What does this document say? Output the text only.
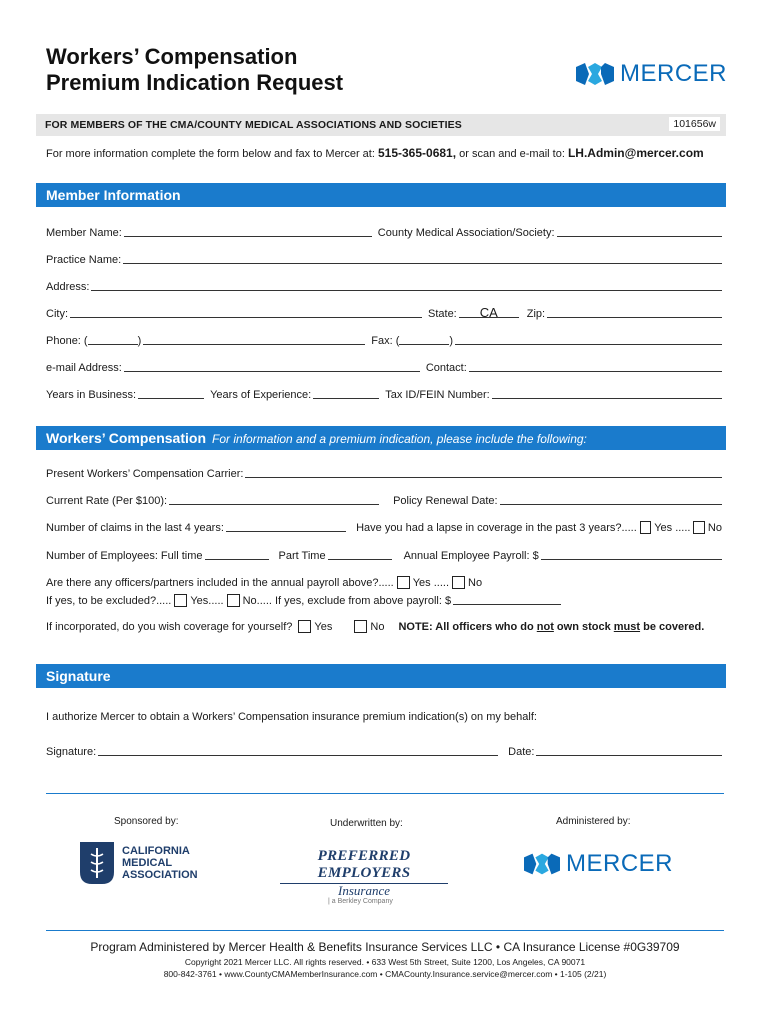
Workers’ Compensation
Premium Indication Request	MERCER
FOR MEMBERS OF THE CMA/COUNTY MEDICAL ASSOCIATIONS AND SOCIETIES	101656w
For more information complete the form below and fax to Mercer at: 515-365-0681, or scan and e-mail to: LH.Admin@mercer.com
Member Information
Member Name:	County Medical Association/Society:
Practice Name:
Address:
City:	State:	CA	Zip:
Phone: (	)	Fax: (	)
e-mail Address:	Contact:
Years in Business:	Years of Experience:	Tax ID/FEIN Number:
Workers’ Compensation For information and a premium indication, please include the following:
Present Workers’ Compensation Carrier:
Current Rate (Per $100):	Policy Renewal Date:
Number of claims in the last 4 years:	Have you had a lapse in coverage in the past 3 years?..... Yes ..... No
Number of Employees: Full time	Part Time	Annual Employee Payroll: $
Are there any officers/partners included in the annual payroll above?..... Yes ..... No
If yes, to be excluded?..... Yes..... No..... If yes, exclude from above payroll: $
If incorporated, do you wish coverage for yourself? Yes	No NOTE: All officers who do not own stock must be covered.
Signature
I authorize Mercer to obtain a Workers’ Compensation insurance premium indication(s) on my behalf:
Signature:	Date:
Sponsored by:	Underwritten by:	Administered by:
CALIFORNIA
MEDICAL
ASSOCIATION
PREFERRED EMPLOYERS
Insurance
| a Berkley Company
MERCER
Program Administered by Mercer Health & Benefits Insurance Services LLC • CA Insurance License #0G39709
Copyright 2021 Mercer LLC. All rights reserved. • 633 West 5th Street, Suite 1200, Los Angeles, CA 90071
800-842-3761 • www.CountyCMAMemberInsurance.com • CMACounty.Insurance.service@mercer.com • 1-105 (2/21)
